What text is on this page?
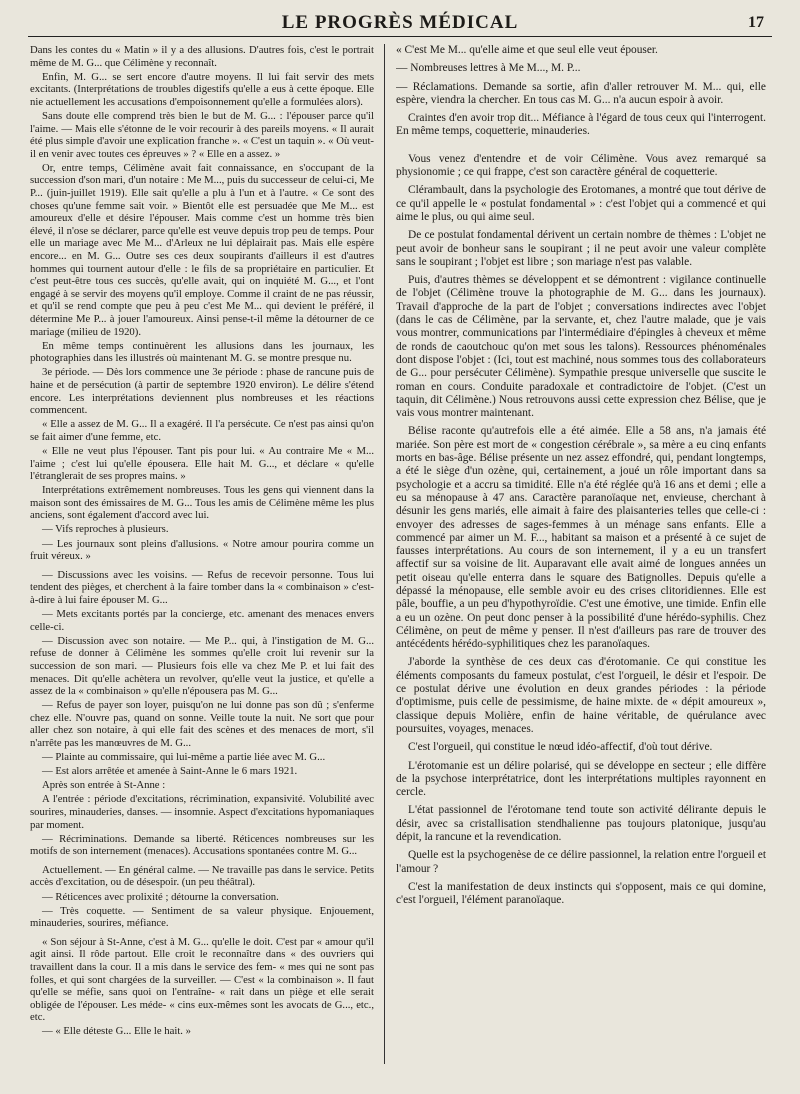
LE PROGRÈS MÉDICAL	17

Dans les contes du « Matin » il y a des allusions. D'autres fois, c'est le portrait même de M. G... que Célimène y reconnaît.

Enfin, M. G... se sert encore d'autre moyens. Il lui fait servir des mets excitants. (Interprétations de troubles digestifs qu'elle a eus à cette époque. Elle nie actuellement les accusations d'empoisonnement qu'elle a formulées alors).

Sans doute elle comprend très bien le but de M. G... : l'épouser parce qu'il l'aime. — Mais elle s'étonne de le voir recourir à des pareils moyens. « Il aurait été plus simple d'avoir une explication franche ». « C'est un taquin ». « Où veut-il en venir avec toutes ces épreuves » ? « Elle en a assez. »

Or, entre temps, Célimène avait fait connaissance, en s'occupant de la succession d'son mari, d'un notaire : Me M..., puis du successeur de celui-ci, Me P... (juin-juillet 1919). Elle sait qu'elle a plu à l'un et à l'autre. « Ce sont des choses qu'une femme sait voir. » Bientôt elle est persuadée que Me M... est amoureux d'elle et désire l'épouser. Mais comme c'est un homme très bien élevé, il n'ose se déclarer, parce qu'elle est veuve depuis trop peu de temps. Pour elle un mariage avec Me M... d'Arleux ne lui déplairait pas. Mais elle espère encore... en M. G... Outre ses ces deux soupirants d'ailleurs il est d'autres hommes qui tournent autour d'elle : le fils de sa propriétaire en particulier. Et c'est peut-être tous ces succès, qu'elle avait, qui on inquiété M. G..., et l'ont engagé à se servir des moyens qu'il employe. Comme il craint de ne pas réussir, et qu'il se rend compte que peu à peu c'est Me M... qui devient le préféré, il détermine Me P... à jouer l'amoureux. Ainsi pense-t-il même la détourner de ce mariage (milieu de 1920).

En même temps continuèrent les allusions dans les journaux, les photographies dans les illustrés où maintenant M. G. se montre presque nu.

3e période. — Dès lors commence une 3e période : phase de rancune puis de haine et de persécution (à partir de septembre 1920 environ). Le délire s'étend encore. Les interprétations deviennent plus nombreuses et les réactions commencent.

« Elle a assez de M. G... Il a exagéré. Il l'a persécute. Ce n'est pas ainsi qu'on se fait aimer d'une femme, etc.

« Elle ne veut plus l'épouser. Tant pis pour lui. « Au contraire Me « M... l'aime ; c'est lui qu'elle épousera. Elle hait M. G..., et déclare « qu'elle l'étranglerait de ses propres mains. »

Interprétations extrêmement nombreuses. Tous les gens qui viennent dans la maison sont des émissaires de M. G... Tous les amis de Célimène même les plus anciens, sont également d'accord avec lui.

— Vifs reproches à plusieurs.

— Les journaux sont pleins d'allusions. « Notre amour pourira comme un fruit véreux. »

— Discussions avec les voisins. — Refus de recevoir personne. Tous lui tendent des pièges, et cherchent à la faire tomber dans la « combinaison » c'est-à-dire à lui faire épouser M. G...

— Mets excitants portés par la concierge, etc. amenant des menaces envers celle-ci.

— Discussion avec son notaire. — Me P... qui, à l'instigation de M. G... refuse de donner à Célimène les sommes qu'elle croit lui revenir sur la succession de son mari. — Plusieurs fois elle va chez Me P. et lui fait des menaces. Dit qu'elle achètera un revolver, qu'elle veut la justice, et qu'elle a assez de la « combinaison » qu'elle n'épousera pas M. G...

— Refus de payer son loyer, puisqu'on ne lui donne pas son dû ; s'enferme chez elle. N'ouvre pas, quand on sonne. Veille toute la nuit. Ne sort que pour aller chez son notaire, à qui elle fait des scènes et des menaces de mort, s'il n'arrête pas les manœuvres de M. G...

— Plainte au commissaire, qui lui-même a partie liée avec M. G...

— Est alors arrêtée et amenée à Saint-Anne le 6 mars 1921.

Après son entrée à St-Anne :

A l'entrée : période d'excitations, récrimination, expansivité. Volubilité avec sourires, minauderies, danses. — insomnie. Aspect d'excitations hypomaniaques par moment.

— Récriminations. Demande sa liberté. Réticences nombreuses sur les motifs de son internement (menaces). Accusations spontanées contre M. G...

Actuellement. — En général calme. — Ne travaille pas dans le service. Petits accès d'excitation, ou de désespoir. (un peu théâtral).

— Réticences avec prolixité ; détourne la conversation.

— Très coquette. — Sentiment de sa valeur physique. Enjouement, minauderies, sourires, méfiance.

« Son séjour à St-Anne, c'est à M. G... qu'elle le doit. C'est par « amour qu'il agit ainsi. Il rôde partout. Elle croit le reconnaître dans « des ouvriers qui travaillent dans la cour. Il a mis dans le service des fem- « mes qui ne sont pas folles, et qui sont chargées de la surveiller. — C'est « la combinaison ». Il faut qu'elle se méfie, sans quoi on l'entraîne- « rait dans un piège et elle serait obligée de l'épouser. Les méde- « cins eux-mêmes sont les avocats de G..., etc., etc.

— « Elle déteste G... Elle le hait. »

« C'est Me M... qu'elle aime et que seul elle veut épouser.

— Nombreuses lettres à Me M..., M. P...

— Réclamations. Demande sa sortie, afin d'aller retrouver M. M... qui, elle espère, viendra la chercher. En tous cas M. G... n'a aucun espoir à avoir.

Craintes d'en avoir trop dit... Méfiance à l'égard de tous ceux qui l'interrogent. En même temps, coquetterie, minauderies.

Vous venez d'entendre et de voir Célimène. Vous avez remarqué sa physionomie ; ce qui frappe, c'est son caractère général de coquetterie.

Clérambault, dans la psychologie des Erotomanes, a montré que tout dérive de ce qu'il appelle le « postulat fondamental » : c'est l'objet qui a commencé et qui aime le plus, ou qui aime seul.

De ce postulat fondamental dérivent un certain nombre de thèmes : L'objet ne peut avoir de bonheur sans le soupirant ; il ne peut avoir une valeur complète sans le soupirant ; l'objet est libre ; son mariage n'est pas valable.

Puis, d'autres thèmes se développent et se démontrent : vigilance continuelle de l'objet (Célimène trouve la photographie de M. G... dans les journaux). Travail d'approche de la part de l'objet ; conversations indirectes avec l'objet (dans le cas de Célimène, par la servante, et, chez l'autre malade, que je vais vous montrer, communications par l'intermédiaire d'épingles à cheveux et même de ronds de caoutchouc qu'on met sous les talons). Ressources phénoménales dont dispose l'objet : (Ici, tout est machiné, nous sommes tous des collaborateurs de G... pour persécuter Célimène). Sympathie presque universelle que suscite le roman en cours. Conduite paradoxale et contradictoire de l'objet. (C'est un taquin, dit Célimène.) Nous retrouvons aussi cette expression chez Bélise, que je vais vous montrer maintenant.

Bélise raconte qu'autrefois elle a été aimée. Elle a 58 ans, n'a jamais été mariée. Son père est mort de « congestion cérébrale », sa mère a eu cinq enfants morts en bas-âge. Bélise présente un nez assez effondré, qui, pendant longtemps, a été le siège d'un ozène, qui, certainement, a joué un rôle important dans sa psychologie et a accru sa timidité. Elle n'a été réglée qu'à 16 ans et demi ; elle a eu sa ménopause à 47 ans. Caractère paranoïaque net, envieuse, cherchant à désunir les gens mariés, elle aimait à faire des plaisanteries telles que celle-ci : envoyer des adresses de sages-femmes à un ménage sans enfants. Elle a commencé par aimer un M. F..., habitant sa maison et a présenté à ce sujet de fausses interprétations. Au cours de son internement, il y a eu un transfert affectif sur sa voisine de lit. Auparavant elle avait aimé de longues années un petit oiseau qu'elle enterra dans le square des Batignolles. Depuis qu'elle a dépassé la ménopause, elle semble avoir eu des crises clitoridiennes. Elle est pâle, bouffie, a un peu d'hypothyroïdie. C'est une émotive, une timide. Enfin elle a eu un ozène. On peut donc penser à la possibilité d'une hérédo-syphilis. Chez Célimène, on peut de même y penser. Il n'est d'ailleurs pas rare de trouver des antécédents hérédo-syphilitiques chez les paranoïaques.

J'aborde la synthèse de ces deux cas d'érotomanie. Ce qui constitue les éléments composants du fameux postulat, c'est l'orgueil, le désir et l'espoir. De ce postulat dérive une évolution en deux grandes périodes : la période d'optimisme, puis celle de pessimisme, de haine mixte. de « dépit amoureux », classique depuis Molière, enfin de haine véritable, de quérulance avec poursuites, voyages, menaces.

C'est l'orgueil, qui constitue le nœud idéo-affectif, d'où tout dérive.

L'érotomanie est un délire polarisé, qui se développe en secteur ; elle diffère de la psychose interprétatrice, dont les interprétations multiples rayonnent en cercle.

L'état passionnel de l'érotomane tend toute son activité délirante depuis le désir, avec sa cristallisation stendhalienne pas toujours platonique, jusqu'au dépit, la rancune et la revendication.

Quelle est la psychogenèse de ce délire passionnel, la relation entre l'orgueil et l'amour ?

C'est la manifestation de deux instincts qui s'opposent, mais ce qui domine, c'est l'orgueil, l'élément paranoïaque.
